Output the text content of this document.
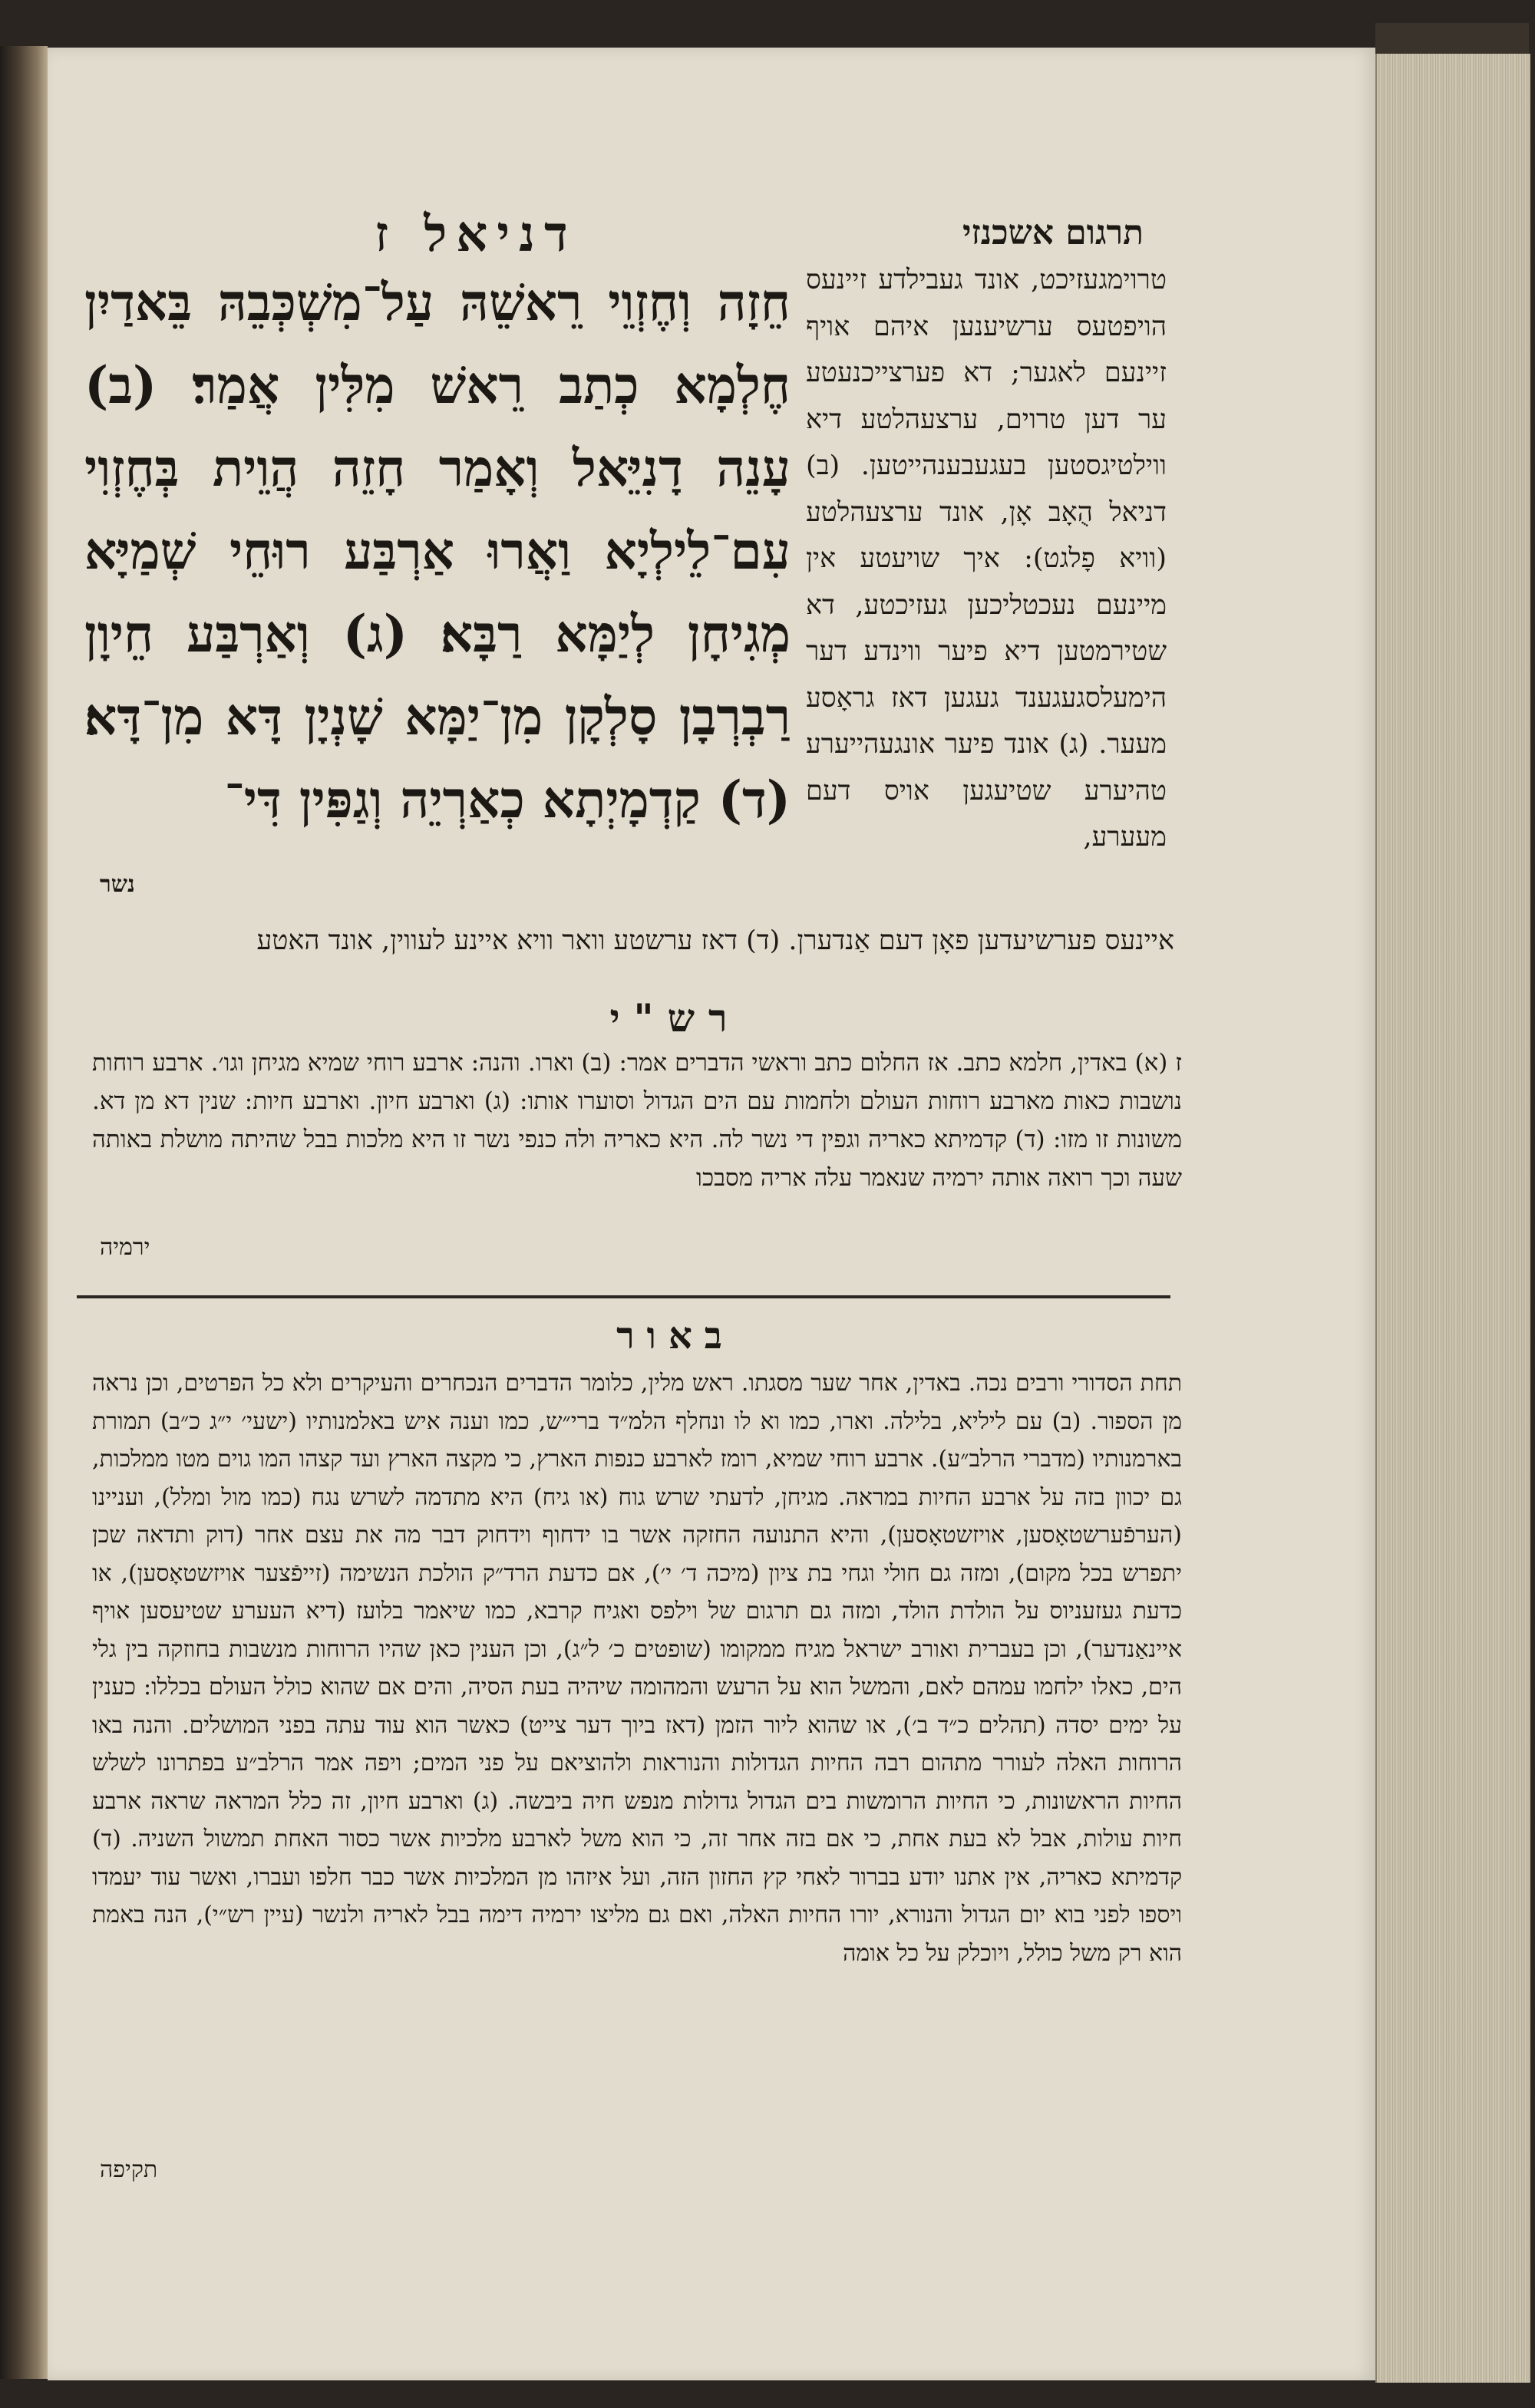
תרגום אשכנזי
דניאל ז
חֵזָה וְחֶזְוֵי רֵאשֵׁהּ עַל־מִשְׁכְּבֵהּ בֵּאדַיִן חֶלְמָא כְתַב רֵאשׁ מִלִּין אֲמַר׃ (ב) עָנֵה דָנִיֵּאל וְאָמַר חָזֵה הֲוֵית בְּחֶזְוִי עִם־לֵילְיָא וַאֲרוּ אַרְבַּע רוּחֵי שְׁמַיָּא מְגִיחָן לְיַמָּא רַבָּא׃ (ג) וְאַרְבַּע חֵיוָן רַבְרְבָן סָלְקָן מִן־יַמָּא שָׁנְיָן דָּא מִן־דָּא׃ (ד) קַדְמָיְתָא כְאַרְיֵה וְגַפִּין דִּי־
נשר
טרוימגעזיכט, אונד געבילדע זיינעס הויפטעס ערשיענען איהם אויף זיינעם לאגער; דא פערצייכנעטע ער דען טרוים, ערצעהלטע דיא ווילטיגסטען בעגעבענהייטען. (ב) דניאל הֻאָב אָן, אונד ערצעהלטע (וויא פָלגט): איך שויעטע אין מיינעם נעכטליכען געזיכטע, דא שטירמטען דיא פיער ווינדע דער הימעלסגעגענד געגען דאז גראָסע מעער. (ג) אונד פיער אונגעהייערע טהיערע שטיעגען אויס דעם מעערע,
איינעס פערשיעדען פאָן דעם אַנדערן. (ד) דאז ערשטע וואר וויא איינע לעווין, אונד האטע
רש"י
ז (א) באדין, חלמא כתב. אז החלום כתב וראשי הדברים אמר: (ב) וארו. והנה: ארבע רוחי שמיא מגיחן וגו׳. ארבע רוחות נושבות כאות מארבע רוחות העולם ולחמות עם הים הגדול וסוערו אותו: (ג) וארבע חיון. וארבע חיות: שנין דא מן דא. משונות זו מזו: (ד) קדמיתא כאריה וגפין די נשר לה. היא כאריה ולה כנפי נשר זו היא מלכות בבל שהיתה מושלת באותה שעה וכך רואה אותה ירמיה שנאמר עלה אריה מסבכו
ירמיה
באור
תחת הסדורי ורבים נכה. באדין, אחר שער מסגתו. ראש מלין, כלומר הדברים הנכחרים והעיקרים ולא כל הפרטים, וכן נראה מן הספור. (ב) עם ליליא, בלילה. וארו, כמו וא לו ונחלף הלמ״ד ברי״ש, כמו וענה איש באלמנותיו (ישעי׳ י״ג כ״ב) תמורת בארמנותיו (מדברי הרלב״ע). ארבע רוחי שמיא, רומז לארבע כנפות הארץ, כי מקצה הארץ ועד קצהו המו גוים מטו ממלכות, גם יכוון בזה על ארבע החיות במראה. מגיחן, לדעתי שרש גוח (או גיח) היא מתדמה לשרש נגח (כמו מול ומלל), ועניינו (הערפֿערשטאָסען, אויזשטאָסען), והיא התנועה החזקה אשר בו ידחוף וידחוק דבר מה את עצם אחר (דוק ותדאה שכן יתפרש בכל מקום), ומזה גם חולי וגחי בת ציון (מיכה ד׳ י׳), אם כדעת הרד״ק הולכת הנשימה (זייפֿצער אויזשטאָסען), או כדעת געזעניוס על הולדת הולד, ומזה גם תרגום של וילפס ואגיח קרבא, כמו שיאמר בלועז (דיא העערע שטיעסען אויף איינאַנדער), וכן בעברית ואורב ישראל מגיח ממקומו (שופטים כ׳ ל״ג), וכן הענין כאן שהיו הרוחות מנשבות בחוזקה בין גלי הים, כאלו ילחמו עמהם לאם, והמשל הוא על הרעש והמהומה שיהיה בעת הסיה, והים אם שהוא כולל העולם בכללו: כענין על ימים יסדה (תהלים כ״ד ב׳), או שהוא ליור הזמן (דאז ביוך דער צייט) כאשר הוא עוד עתה בפני המושלים. והנה באו הרוחות האלה לעורר מתהום רבה החיות הגדולות והנוראות ולהוציאם על פני המים; ויפה אמר הרלב״ע בפתרונו לשלש החיות הראשונות, כי החיות הרומשות בים הגדול גדולות מנפש חיה ביבשה. (ג) וארבע חיון, זה כלל המראה שראה ארבע חיות עולות, אבל לא בעת אחת, כי אם בזה אחר זה, כי הוא משל לארבע מלכיות אשר כסור האחת תמשול השניה. (ד) קדמיתא כאריה, אין אתנו יודע בברור לאחי קץ החזון הזה, ועל איזהו מן המלכיות אשר כבר חלפו ועברו, ואשר עוד יעמדו ויספו לפני בוא יום הגדול והנורא, יורו החיות האלה, ואם גם מליצו ירמיה דימה בבל לאריה ולנשר (עיין רש״י), הנה באמת הוא רק משל כולל, ויוכלק על כל אומה
תקיפה
